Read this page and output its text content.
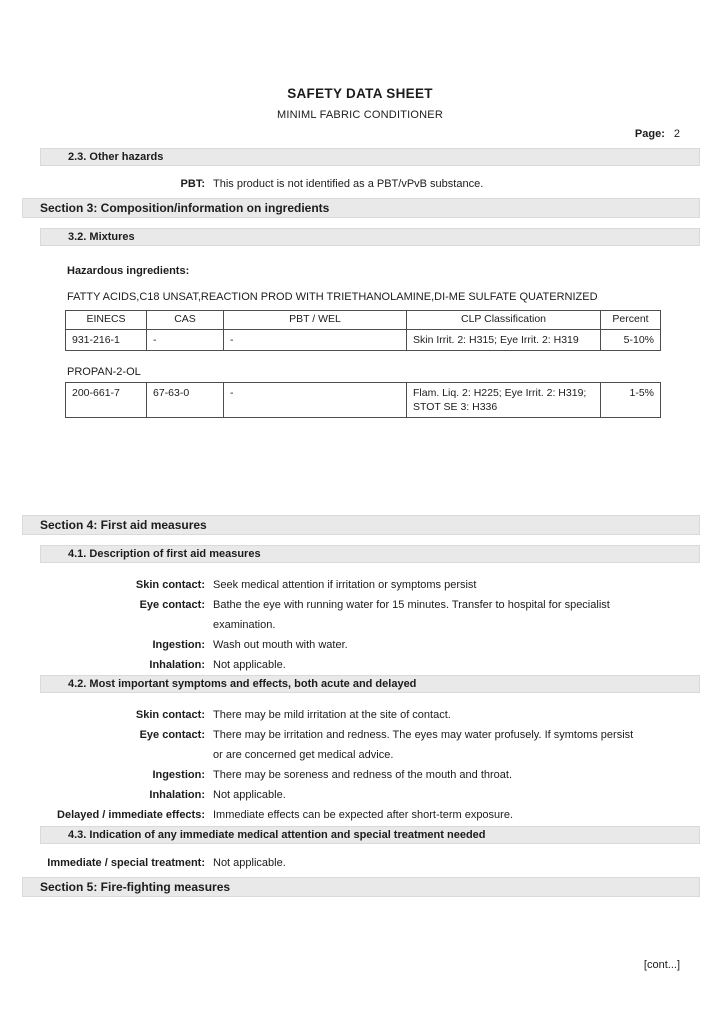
SAFETY DATA SHEET
MINIML FABRIC CONDITIONER
Page: 2
2.3. Other hazards
PBT: This product is not identified as a PBT/vPvB substance.
Section 3: Composition/information on ingredients
3.2. Mixtures
Hazardous ingredients:
FATTY ACIDS,C18 UNSAT,REACTION PROD WITH TRIETHANOLAMINE,DI-ME SULFATE QUATERNIZED
EINECS	CAS	PBT / WEL	CLP Classification	Percent
931-216-1	-	-	Skin Irrit. 2: H315; Eye Irrit. 2: H319	5-10%
PROPAN-2-OL
200-661-7	67-63-0	-	Flam. Liq. 2: H225; Eye Irrit. 2: H319; STOT SE 3: H336	1-5%
Section 4: First aid measures
4.1. Description of first aid measures
Skin contact: Seek medical attention if irritation or symptoms persist
Eye contact: Bathe the eye with running water for 15 minutes. Transfer to hospital for specialist examination.
Ingestion: Wash out mouth with water.
Inhalation: Not applicable.
4.2. Most important symptoms and effects, both acute and delayed
Skin contact: There may be mild irritation at the site of contact.
Eye contact: There may be irritation and redness. The eyes may water profusely. If symtoms persist or are concerned get medical advice.
Ingestion: There may be soreness and redness of the mouth and throat.
Inhalation: Not applicable.
Delayed / immediate effects: Immediate effects can be expected after short-term exposure.
4.3. Indication of any immediate medical attention and special treatment needed
Immediate / special treatment: Not applicable.
Section 5: Fire-fighting measures
[cont...]
